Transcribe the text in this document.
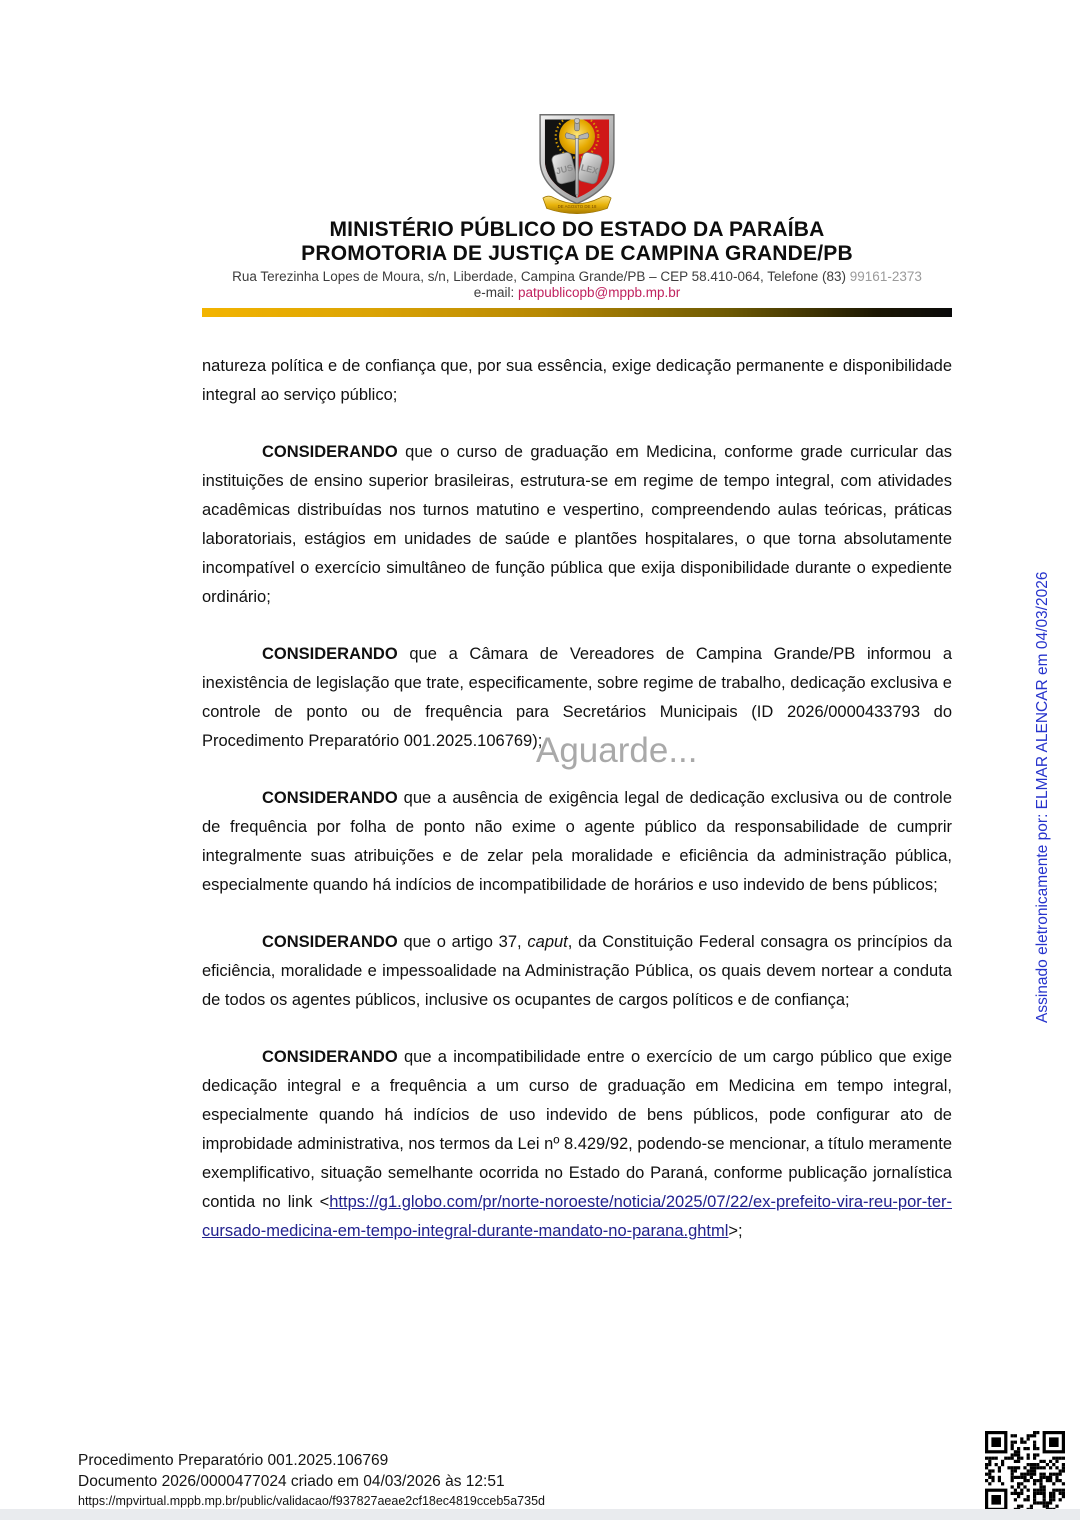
JUS LEX
DE AGOSTO DE 18
MINISTÉRIO PÚBLICO DO ESTADO DA PARAÍBA
PROMOTORIA DE JUSTIÇA DE CAMPINA GRANDE/PB
Rua Terezinha Lopes de Moura, s/n, Liberdade, Campina Grande/PB – CEP 58.410-064, Telefone (83) 99161-2373
e-mail: patpublicopb@mppb.mp.br

natureza política e de confiança que, por sua essência, exige dedicação permanente e disponibilidade integral ao serviço público;

CONSIDERANDO que o curso de graduação em Medicina, conforme grade curricular das instituições de ensino superior brasileiras, estrutura-se em regime de tempo integral, com atividades acadêmicas distribuídas nos turnos matutino e vespertino, compreendendo aulas teóricas, práticas laboratoriais, estágios em unidades de saúde e plantões hospitalares, o que torna absolutamente incompatível o exercício simultâneo de função pública que exija disponibilidade durante o expediente ordinário;

CONSIDERANDO que a Câmara de Vereadores de Campina Grande/PB informou a inexistência de legislação que trate, especificamente, sobre regime de trabalho, dedicação exclusiva e controle de ponto ou de frequência para Secretários Municipais (ID 2026/0000433793 do Procedimento Preparatório 001.2025.106769);

CONSIDERANDO que a ausência de exigência legal de dedicação exclusiva ou de controle de frequência por folha de ponto não exime o agente público da responsabilidade de cumprir integralmente suas atribuições e de zelar pela moralidade e eficiência da administração pública, especialmente quando há indícios de incompatibilidade de horários e uso indevido de bens públicos;

CONSIDERANDO que o artigo 37, caput, da Constituição Federal consagra os princípios da eficiência, moralidade e impessoalidade na Administração Pública, os quais devem nortear a conduta de todos os agentes públicos, inclusive os ocupantes de cargos políticos e de confiança;

CONSIDERANDO que a incompatibilidade entre o exercício de um cargo público que exige dedicação integral e a frequência a um curso de graduação em Medicina em tempo integral, especialmente quando há indícios de uso indevido de bens públicos, pode configurar ato de improbidade administrativa, nos termos da Lei nº 8.429/92, podendo-se mencionar, a título meramente exemplificativo, situação semelhante ocorrida no Estado do Paraná, conforme publicação jornalística contida no link <https://g1.globo.com/pr/norte-noroeste/noticia/2025/07/22/ex-prefeito-vira-reu-por-ter-cursado-medicina-em-tempo-integral-durante-mandato-no-parana.ghtml>;

Aguarde...	Assinado eletronicamente por: ELMAR ALENCAR em 04/03/2026
Procedimento Preparatório 001.2025.106769
Documento 2026/0000477024 criado em 04/03/2026 às 12:51
https://mpvirtual.mppb.mp.br/public/validacao/f937827aeae2cf18ec4819cceb5a735d
